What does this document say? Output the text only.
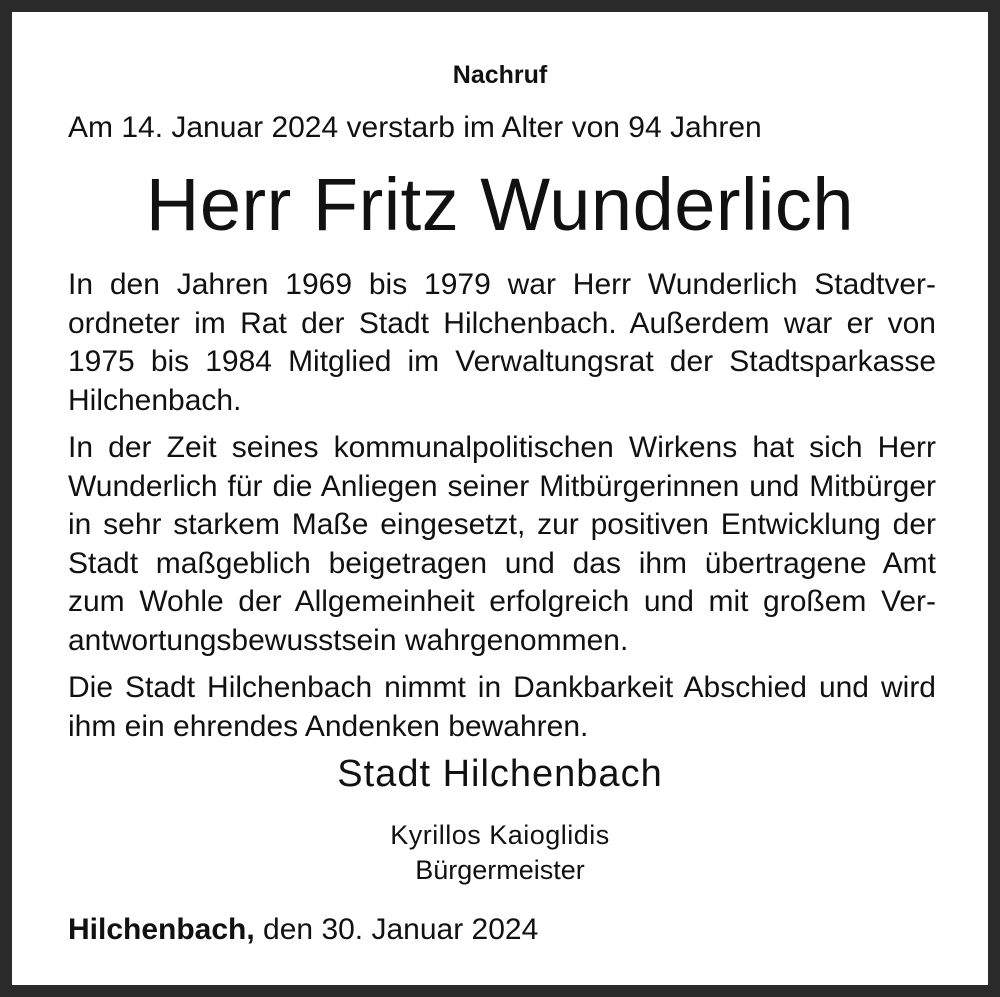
Nachruf
Am 14. Januar 2024 verstarb im Alter von 94 Jahren
Herr Fritz Wunderlich

In den Jahren 1969 bis 1979 war Herr Wunderlich Stadtver-
ordneter im Rat der Stadt Hilchenbach. Außerdem war er von
1975 bis 1984 Mitglied im Verwaltungsrat der Stadtsparkasse
Hilchenbach.

In der Zeit seines kommunalpolitischen Wirkens hat sich Herr
Wunderlich für die Anliegen seiner Mitbürgerinnen und Mitbürger
in sehr starkem Maße eingesetzt, zur positiven Entwicklung der
Stadt maßgeblich beigetragen und das ihm übertragene Amt
zum Wohle der Allgemeinheit erfolgreich und mit großem Ver-
antwortungsbewusstsein wahrgenommen.

Die Stadt Hilchenbach nimmt in Dankbarkeit Abschied und wird
ihm ein ehrendes Andenken bewahren.

Stadt Hilchenbach
Kyrillos Kaioglidis
Bürgermeister
Hilchenbach, den 30. Januar 2024
